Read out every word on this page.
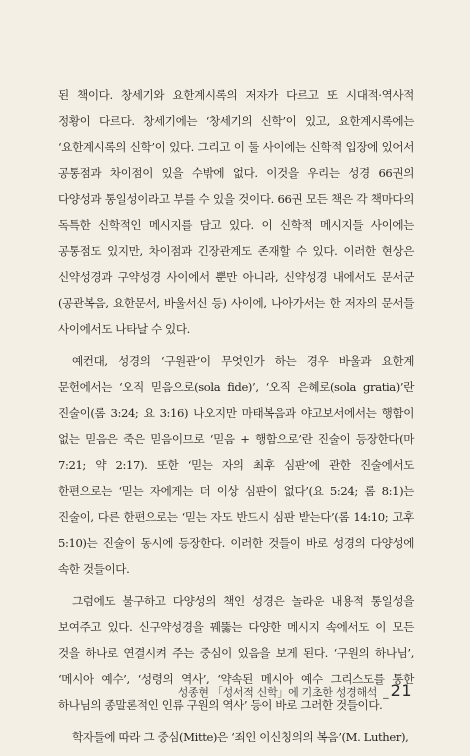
된 책이다. 창세기와 요한계시록의 저자가 다르고 또 시대적·역사적 정황이 다르다. 창세기에는 ‘창세기의 신학’이 있고, 요한계시록에는 ‘요한계시록의 신학’이 있다. 그리고 이 둘 사이에는 신학적 입장에 있어서 공통점과 차이점이 있을 수밖에 없다. 이것을 우리는 성경 66권의 다양성과 통일성이라고 부를 수 있을 것이다. 66권 모든 책은 각 책마다의 독특한 신학적인 메시지를 담고 있다. 이 신학적 메시지들 사이에는 공통점도 있지만, 차이점과 긴장관계도 존재할 수 있다. 이러한 현상은 신약성경과 구약성경 사이에서 뿐만 아니라, 신약성경 내에서도 문서군(공관복음, 요한문서, 바울서신 등) 사이에, 나아가서는 한 저자의 문서들 사이에서도 나타날 수 있다.

예컨대, 성경의 ‘구원관’이 무엇인가 하는 경우 바울과 요한계 문헌에서는 ‘오직 믿음으로(sola fide)’, ‘오직 은혜로(sola gratia)’란 진술이(롬 3:24; 요 3:16) 나오지만 마태복음과 야고보서에서는 행함이 없는 믿음은 죽은 믿음이므로 ‘믿음 + 행함으로’란 진술이 등장한다(마 7:21; 약 2:17). 또한 ‘믿는 자의 최후 심판’에 관한 진술에서도 한편으로는 ‘믿는 자에게는 더 이상 심판이 없다’(요 5:24; 롬 8:1)는 진술이, 다른 한편으로는 ‘믿는 자도 반드시 심판 받는다’(롬 14:10; 고후 5:10)는 진술이 동시에 등장한다. 이러한 것들이 바로 성경의 다양성에 속한 것들이다.

그럼에도 불구하고 다양성의 책인 성경은 놀라운 내용적 통일성을 보여주고 있다. 신구약성경을 꿰뚫는 다양한 메시지 속에서도 이 모든 것을 하나로 연결시켜 주는 중심이 있음을 보게 된다. ‘구원의 하나님’, ‘메시아 예수’, ‘성령의 역사’, ‘약속된 메시아 예수 그리스도를 통한 하나님의 종말론적인 인류 구원의 역사’ 등이 바로 그러한 것들이다.

학자들에 따라 그 중심(Mitte)은 ‘죄인 이신칭의의 복음’(M. Luther),

성종현 「성서적 신학」에 기초한 성경해석 _ 21
